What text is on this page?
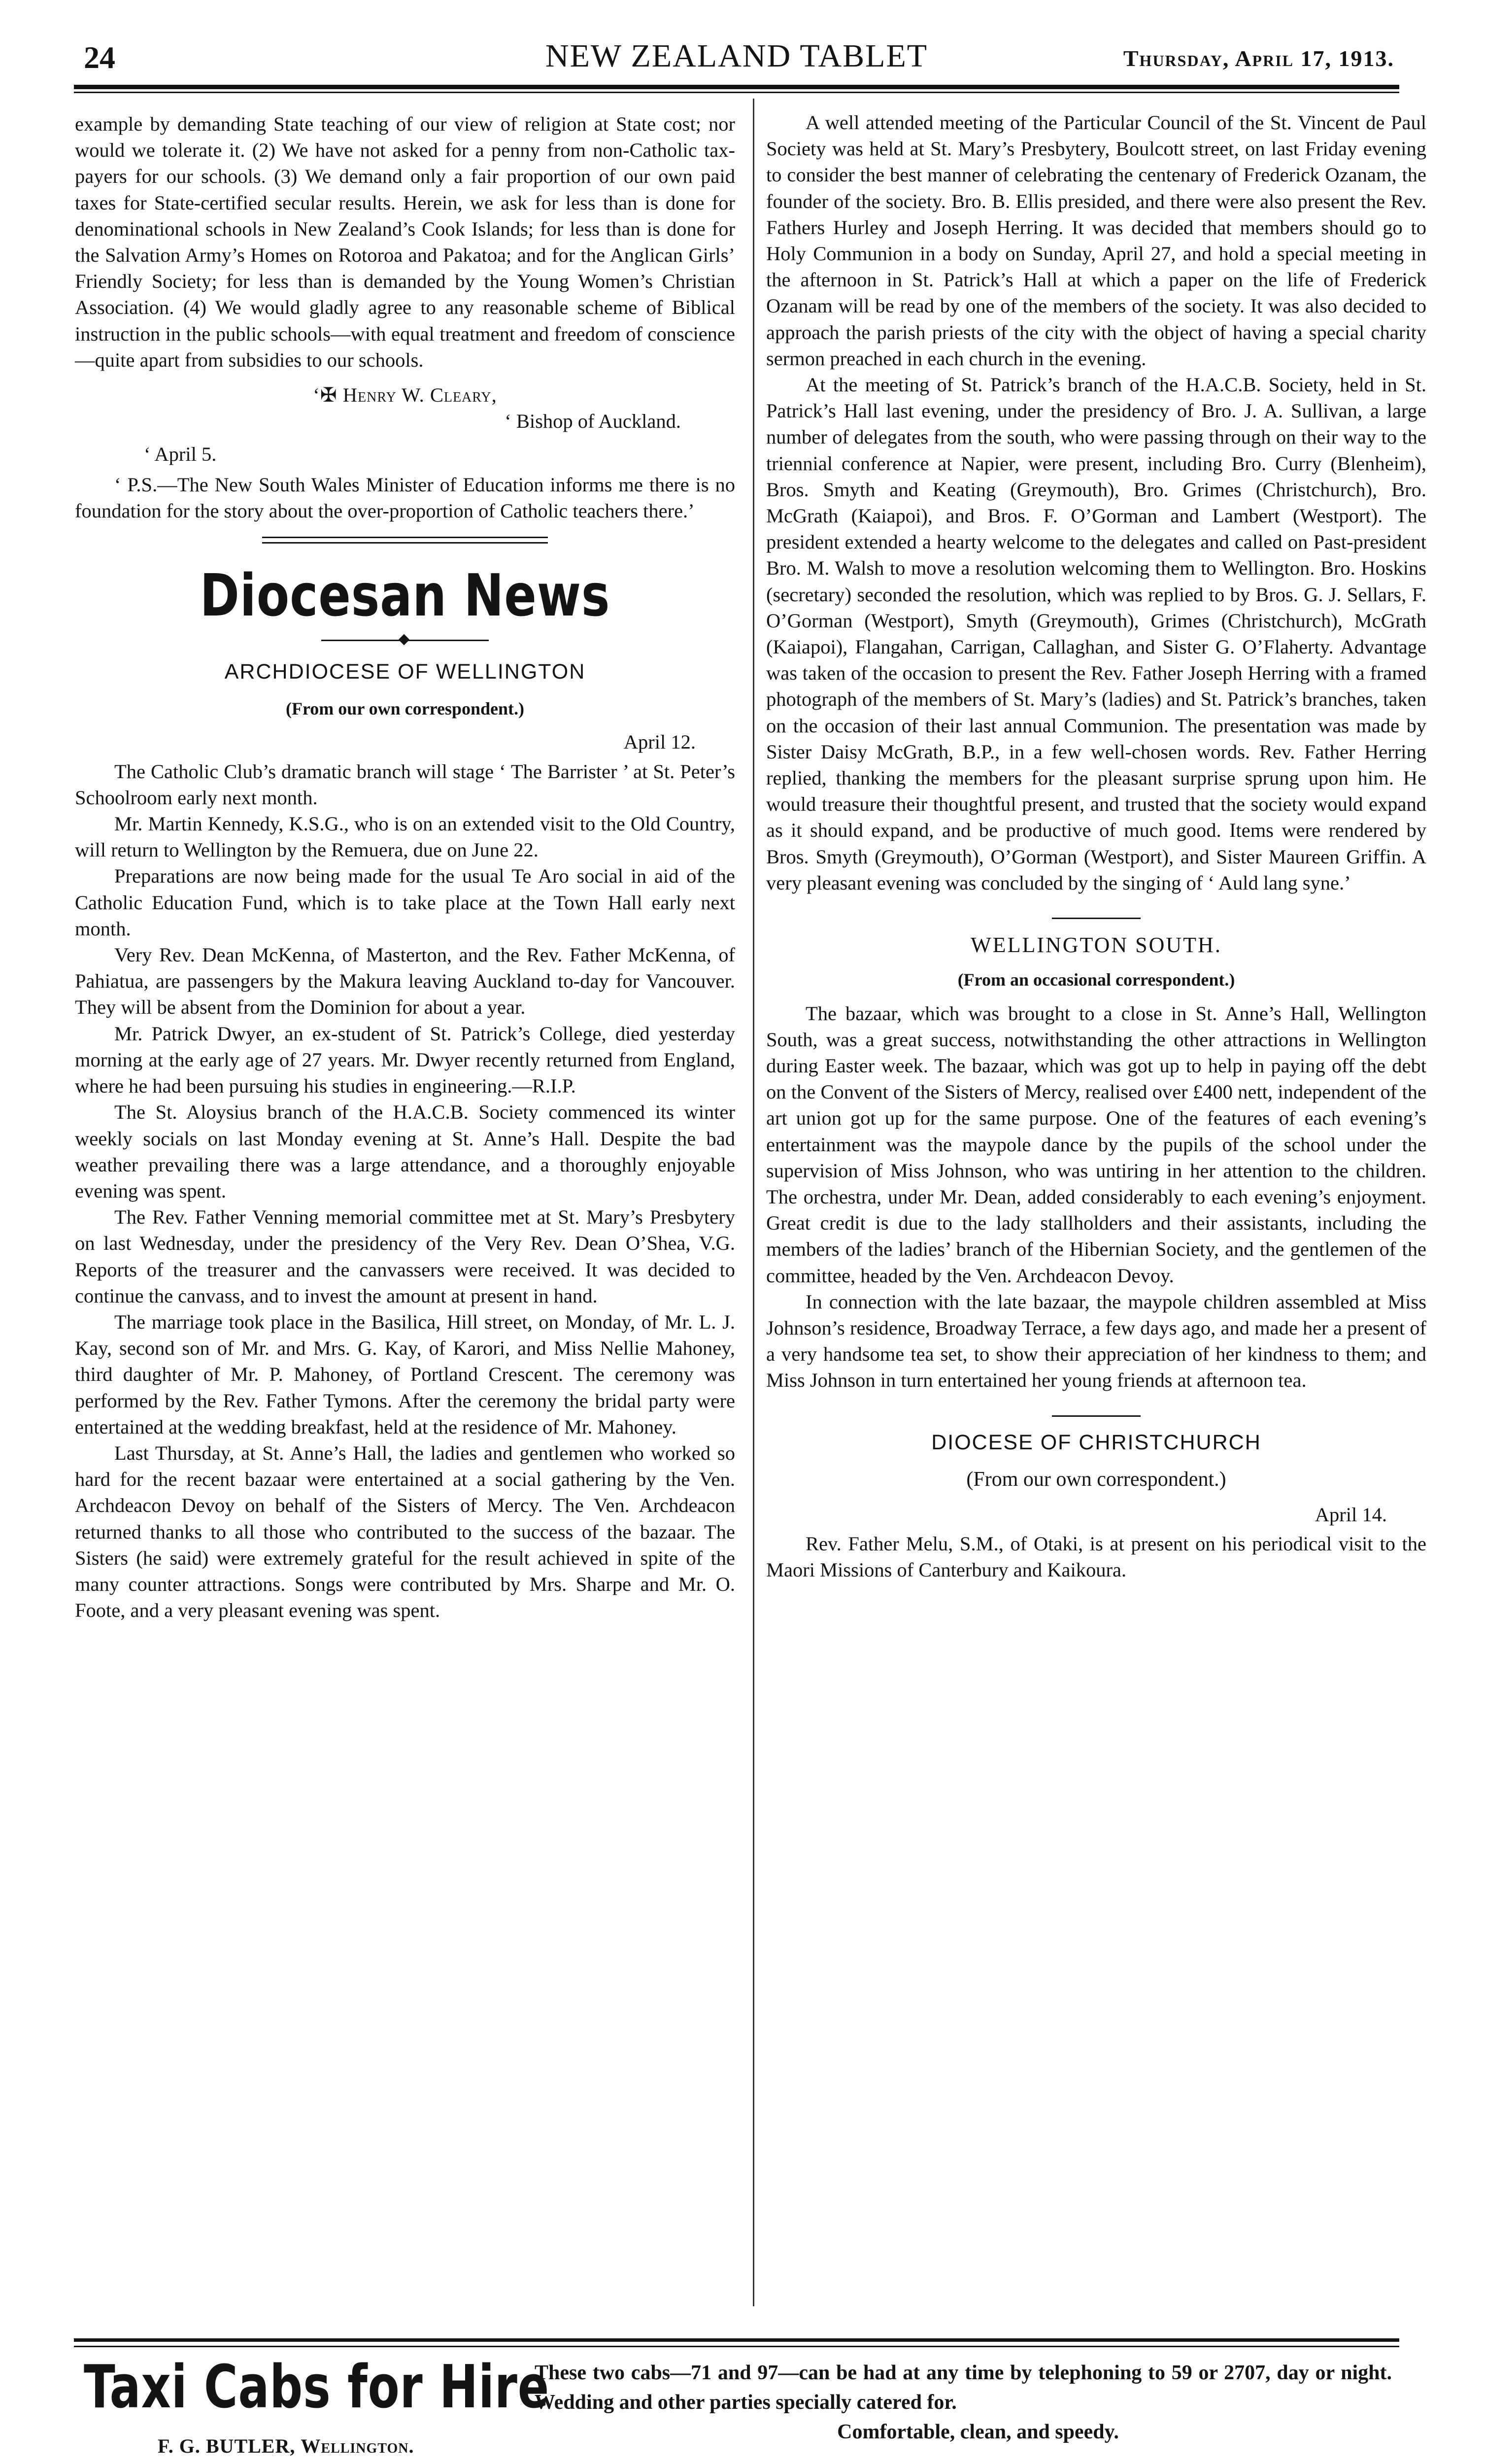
24	NEW ZEALAND TABLET	Thursday, April 17, 1913.

example by demanding State teaching of our view of religion at State cost; nor would we tolerate it. (2) We have not asked for a penny from non-Catholic tax-payers for our schools. (3) We demand only a fair proportion of our own paid taxes for State-certified secular results. Herein, we ask for less than is done for denominational schools in New Zealand’s Cook Islands; for less than is done for the Salvation Army’s Homes on Rotoroa and Pakatoa; and for the Anglican Girls’ Friendly Society; for less than is demanded by the Young Women’s Christian Association. (4) We would gladly agree to any reasonable scheme of Biblical instruction in the public schools—with equal treatment and freedom of conscience—quite apart from subsidies to our schools.

‘✠ Henry W. Cleary,
‘ Bishop of Auckland.

‘ April 5.

‘ P.S.—The New South Wales Minister of Education informs me there is no foundation for the story about the over-proportion of Catholic teachers there.’

Diocesan News
ARCHDIOCESE OF WELLINGTON
(From our own correspondent.)
April 12.

The Catholic Club’s dramatic branch will stage ‘ The Barrister ’ at St. Peter’s Schoolroom early next month.

Mr. Martin Kennedy, K.S.G., who is on an extended visit to the Old Country, will return to Wellington by the Remuera, due on June 22.

Preparations are now being made for the usual Te Aro social in aid of the Catholic Education Fund, which is to take place at the Town Hall early next month.

Very Rev. Dean McKenna, of Masterton, and the Rev. Father McKenna, of Pahiatua, are passengers by the Makura leaving Auckland to-day for Vancouver. They will be absent from the Dominion for about a year.

Mr. Patrick Dwyer, an ex-student of St. Patrick’s College, died yesterday morning at the early age of 27 years. Mr. Dwyer recently returned from England, where he had been pursuing his studies in engineering.—R.I.P.

The St. Aloysius branch of the H.A.C.B. Society commenced its winter weekly socials on last Monday evening at St. Anne’s Hall. Despite the bad weather prevailing there was a large attendance, and a thoroughly enjoyable evening was spent.

The Rev. Father Venning memorial committee met at St. Mary’s Presbytery on last Wednesday, under the presidency of the Very Rev. Dean O’Shea, V.G. Reports of the treasurer and the canvassers were received. It was decided to continue the canvass, and to invest the amount at present in hand.

The marriage took place in the Basilica, Hill street, on Monday, of Mr. L. J. Kay, second son of Mr. and Mrs. G. Kay, of Karori, and Miss Nellie Mahoney, third daughter of Mr. P. Mahoney, of Portland Crescent. The ceremony was performed by the Rev. Father Tymons. After the ceremony the bridal party were entertained at the wedding breakfast, held at the residence of Mr. Mahoney.

Last Thursday, at St. Anne’s Hall, the ladies and gentlemen who worked so hard for the recent bazaar were entertained at a social gathering by the Ven. Archdeacon Devoy on behalf of the Sisters of Mercy. The Ven. Archdeacon returned thanks to all those who contributed to the success of the bazaar. The Sisters (he said) were extremely grateful for the result achieved in spite of the many counter attractions. Songs were contributed by Mrs. Sharpe and Mr. O. Foote, and a very pleasant evening was spent.

A well attended meeting of the Particular Council of the St. Vincent de Paul Society was held at St. Mary’s Presbytery, Boulcott street, on last Friday evening to consider the best manner of celebrating the centenary of Frederick Ozanam, the founder of the society. Bro. B. Ellis presided, and there were also present the Rev. Fathers Hurley and Joseph Herring. It was decided that members should go to Holy Communion in a body on Sunday, April 27, and hold a special meeting in the afternoon in St. Patrick’s Hall at which a paper on the life of Frederick Ozanam will be read by one of the members of the society. It was also decided to approach the parish priests of the city with the object of having a special charity sermon preached in each church in the evening.

At the meeting of St. Patrick’s branch of the H.A.C.B. Society, held in St. Patrick’s Hall last evening, under the presidency of Bro. J. A. Sullivan, a large number of delegates from the south, who were passing through on their way to the triennial conference at Napier, were present, including Bro. Curry (Blenheim), Bros. Smyth and Keating (Greymouth), Bro. Grimes (Christchurch), Bro. McGrath (Kaiapoi), and Bros. F. O’Gorman and Lambert (Westport). The president extended a hearty welcome to the delegates and called on Past-president Bro. M. Walsh to move a resolution welcoming them to Wellington. Bro. Hoskins (secretary) seconded the resolution, which was replied to by Bros. G. J. Sellars, F. O’Gorman (Westport), Smyth (Greymouth), Grimes (Christchurch), McGrath (Kaiapoi), Flangahan, Carrigan, Callaghan, and Sister G. O’Flaherty. Advantage was taken of the occasion to present the Rev. Father Joseph Herring with a framed photograph of the members of St. Mary’s (ladies) and St. Patrick’s branches, taken on the occasion of their last annual Communion. The presentation was made by Sister Daisy McGrath, B.P., in a few well-chosen words. Rev. Father Herring replied, thanking the members for the pleasant surprise sprung upon him. He would treasure their thoughtful present, and trusted that the society would expand as it should expand, and be productive of much good. Items were rendered by Bros. Smyth (Greymouth), O’Gorman (Westport), and Sister Maureen Griffin. A very pleasant evening was concluded by the singing of ‘ Auld lang syne.’

WELLINGTON SOUTH.
(From an occasional correspondent.)

The bazaar, which was brought to a close in St. Anne’s Hall, Wellington South, was a great success, notwithstanding the other attractions in Wellington during Easter week. The bazaar, which was got up to help in paying off the debt on the Convent of the Sisters of Mercy, realised over £400 nett, independent of the art union got up for the same purpose. One of the features of each evening’s entertainment was the maypole dance by the pupils of the school under the supervision of Miss Johnson, who was untiring in her attention to the children. The orchestra, under Mr. Dean, added considerably to each evening’s enjoyment. Great credit is due to the lady stallholders and their assistants, including the members of the ladies’ branch of the Hibernian Society, and the gentlemen of the committee, headed by the Ven. Archdeacon Devoy.

In connection with the late bazaar, the maypole children assembled at Miss Johnson’s residence, Broadway Terrace, a few days ago, and made her a present of a very handsome tea set, to show their appreciation of her kindness to them; and Miss Johnson in turn entertained her young friends at afternoon tea.

DIOCESE OF CHRISTCHURCH
(From our own correspondent.)
April 14.

Rev. Father Melu, S.M., of Otaki, is at present on his periodical visit to the Maori Missions of Canterbury and Kaikoura.

Taxi Cabs for Hire
F. G. BUTLER, Wellington.
These two cabs—71 and 97—can be had at any time by telephoning to 59 or 2707, day or night. Wedding and other parties specially catered for.
Comfortable, clean, and speedy.
